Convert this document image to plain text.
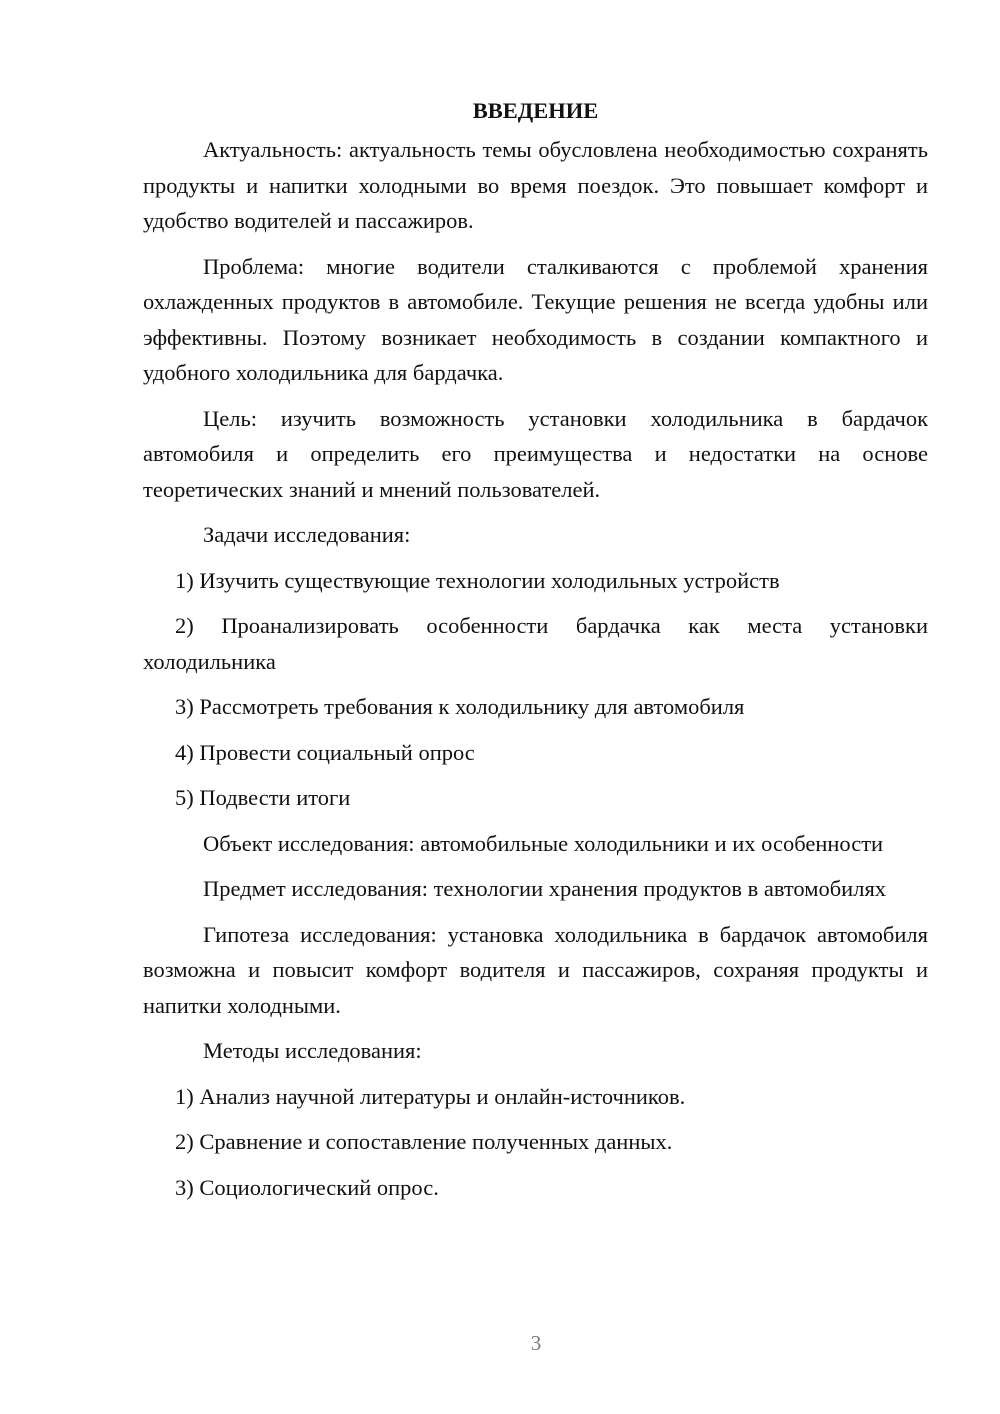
ВВЕДЕНИЕ

Актуальность: актуальность темы обусловлена необходимостью сохранять продукты и напитки холодными во время поездок. Это повышает комфорт и удобство водителей и пассажиров.

Проблема: многие водители сталкиваются с проблемой хранения охлажденных продуктов в автомобиле. Текущие решения не всегда удобны или эффективны. Поэтому возникает необходимость в создании компактного и удобного холодильника для бардачка.

Цель: изучить возможность установки холодильника в бардачок автомобиля и определить его преимущества и недостатки на основе теоретических знаний и мнений пользователей.

Задачи исследования:

1) Изучить существующие технологии холодильных устройств

2) Проанализировать особенности бардачка как места установки холодильника

3) Рассмотреть требования к холодильнику для автомобиля

4) Провести социальный опрос

5) Подвести итоги

Объект исследования: автомобильные холодильники и их особенности

Предмет исследования: технологии хранения продуктов в автомобилях

Гипотеза исследования: установка холодильника в бардачок автомобиля возможна и повысит комфорт водителя и пассажиров, сохраняя продукты и напитки холодными.

Методы исследования:

1) Анализ научной литературы и онлайн-источников.

2) Сравнение и сопоставление полученных данных.

3) Социологический опрос.

3
